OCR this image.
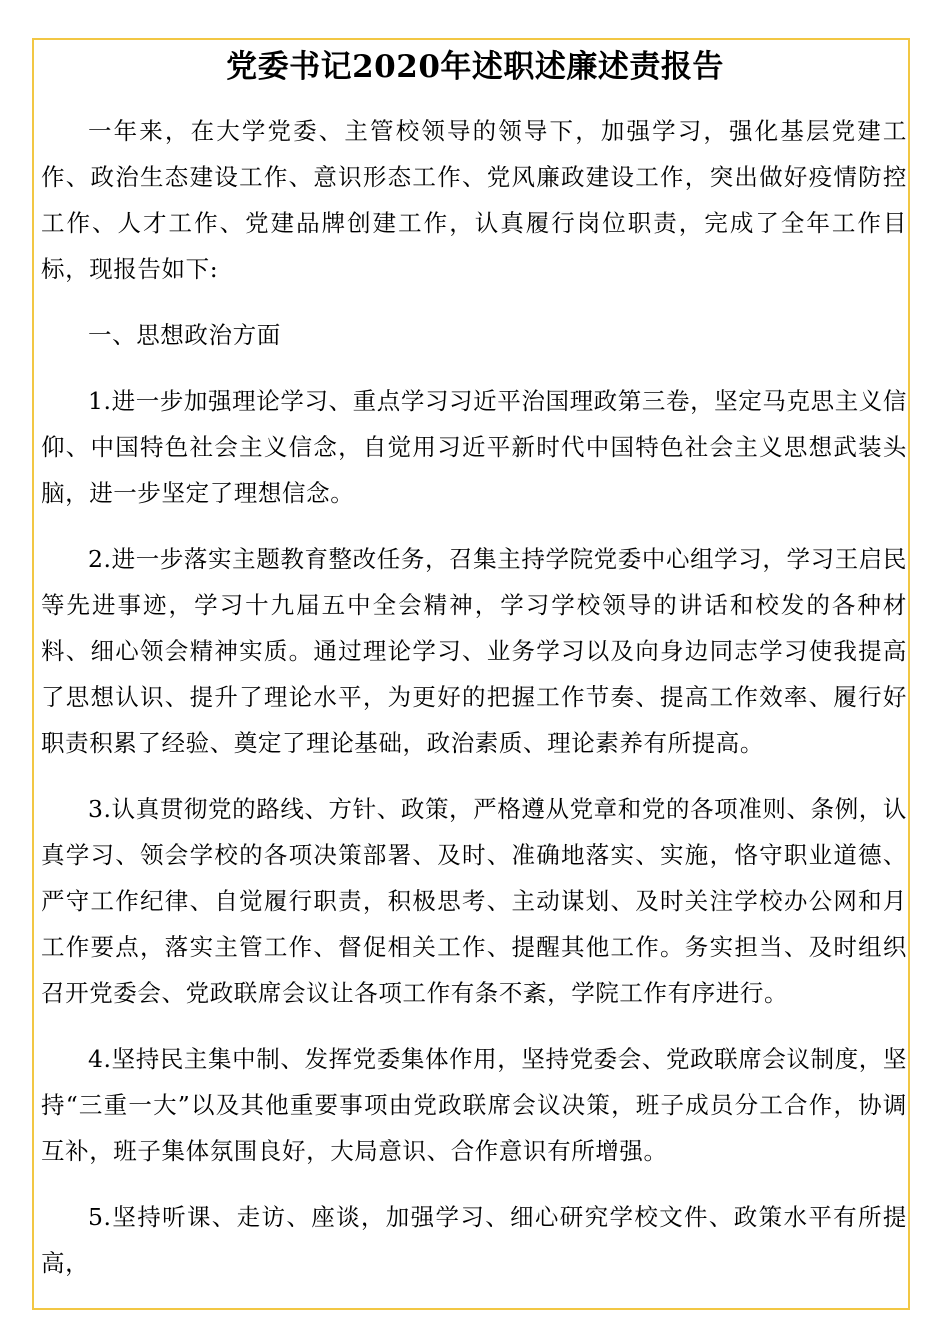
党委书记2020年述职述廉述责报告

一年来，在大学党委、主管校领导的领导下，加强学习，强化基层党建工作、政治生态建设工作、意识形态工作、党风廉政建设工作，突出做好疫情防控工作、人才工作、党建品牌创建工作，认真履行岗位职责，完成了全年工作目标，现报告如下:

一、思想政治方面

1.进一步加强理论学习、重点学习习近平治国理政第三卷，坚定马克思主义信仰、中国特色社会主义信念，自觉用习近平新时代中国特色社会主义思想武装头脑，进一步坚定了理想信念。

2.进一步落实主题教育整改任务，召集主持学院党委中心组学习，学习王启民等先进事迹，学习十九届五中全会精神，学习学校领导的讲话和校发的各种材料、细心领会精神实质。通过理论学习、业务学习以及向身边同志学习使我提高了思想认识、提升了理论水平，为更好的把握工作节奏、提高工作效率、履行好职责积累了经验、奠定了理论基础，政治素质、理论素养有所提高。

3.认真贯彻党的路线、方针、政策，严格遵从党章和党的各项准则、条例，认真学习、领会学校的各项决策部署、及时、准确地落实、实施，恪守职业道德、严守工作纪律、自觉履行职责，积极思考、主动谋划、及时关注学校办公网和月工作要点，落实主管工作、督促相关工作、提醒其他工作。务实担当、及时组织召开党委会、党政联席会议让各项工作有条不紊，学院工作有序进行。

4.坚持民主集中制、发挥党委集体作用，坚持党委会、党政联席会议制度，坚持“三重一大”以及其他重要事项由党政联席会议决策，班子成员分工合作，协调互补，班子集体氛围良好，大局意识、合作意识有所增强。

5.坚持听课、走访、座谈，加强学习、细心研究学校文件、政策水平有所提高，
